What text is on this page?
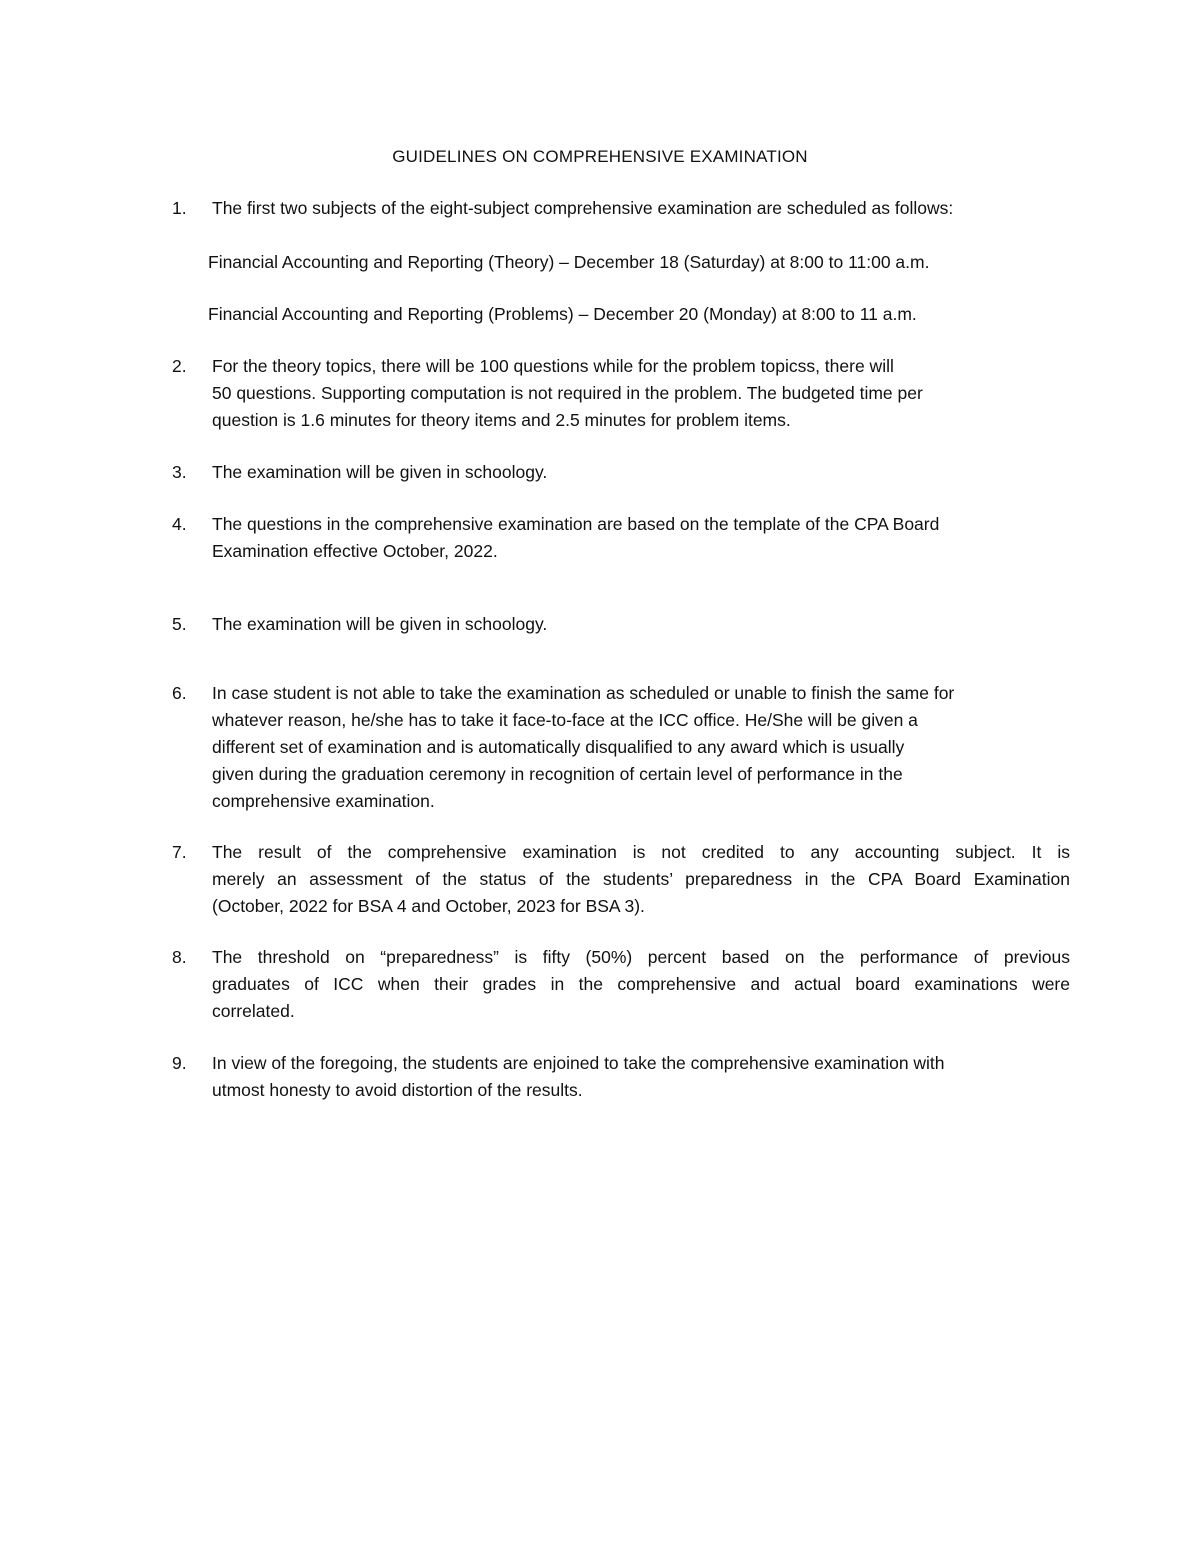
GUIDELINES ON COMPREHENSIVE EXAMINATION
1.	The first two subjects of the eight-subject comprehensive examination are scheduled as follows:
Financial Accounting and Reporting (Theory) – December 18 (Saturday) at 8:00 to 11:00 a.m.
Financial Accounting and Reporting (Problems) – December 20 (Monday) at 8:00 to 11 a.m.
2.	For the theory topics, there will be 100 questions while for the problem topicss, there will
50 questions. Supporting computation is not required in the problem. The budgeted time per
question is 1.6 minutes for theory items and 2.5 minutes for problem items.
3.	The examination will be given in schoology.
4.	The questions in the comprehensive examination are based on the template of the CPA Board
Examination effective October, 2022.
5.	The examination will be given in schoology.
6.	In case student is not able to take the examination as scheduled or unable to finish the same for
whatever reason, he/she has to take it face-to-face at the ICC office. He/She will be given a
different set of examination and is automatically disqualified to any award which is usually
given during the graduation ceremony in recognition of certain level of performance in the
comprehensive examination.
7.	The result of the comprehensive examination is not credited to any accounting subject. It is
merely an assessment of the status of the students’ preparedness in the CPA Board Examination
(October, 2022 for BSA 4 and October, 2023 for BSA 3).
8.	The threshold on “preparedness” is fifty (50%) percent based on the performance of previous
graduates of ICC when their grades in the comprehensive and actual board examinations were
correlated.
9.	In view of the foregoing, the students are enjoined to take the comprehensive examination with
utmost honesty to avoid distortion of the results.
